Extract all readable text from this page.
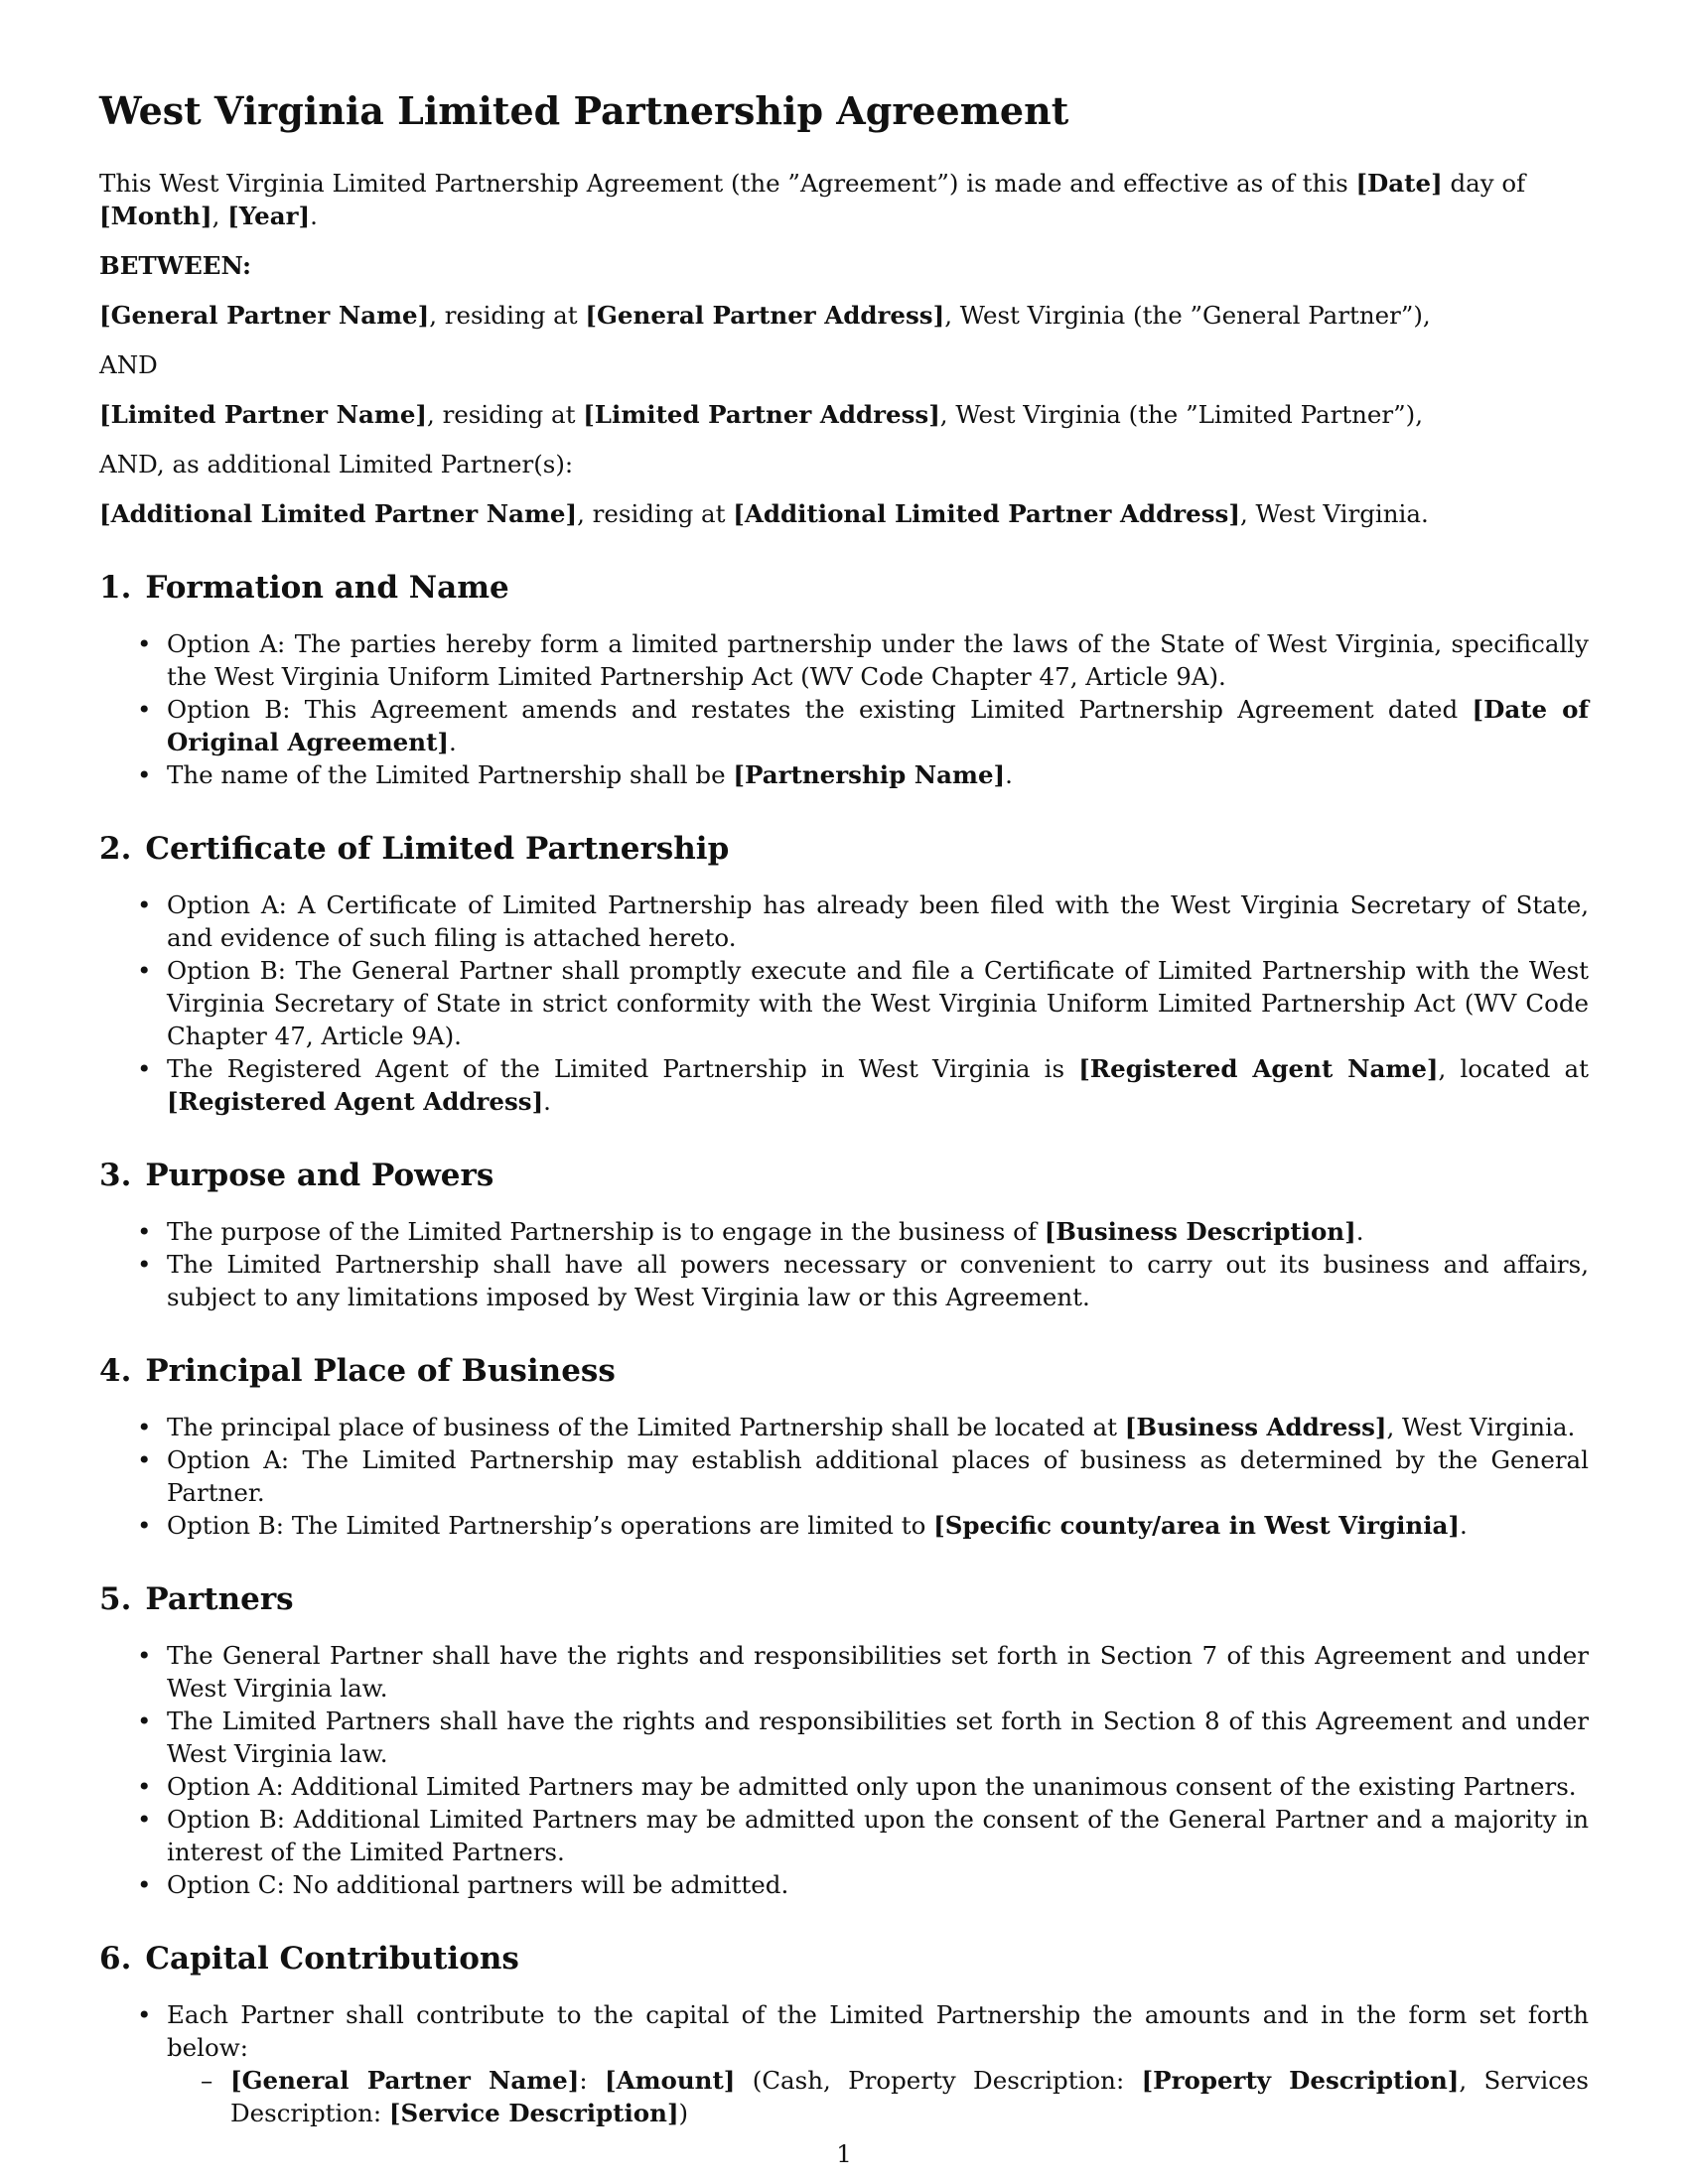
West Virginia Limited Partnership Agreement

This West Virginia Limited Partnership Agreement (the ”Agreement”) is made and effective as of this [Date] day of [Month], [Year].

BETWEEN:

[General Partner Name], residing at [General Partner Address], West Virginia (the ”General Partner”),

AND

[Limited Partner Name], residing at [Limited Partner Address], West Virginia (the ”Limited Partner”),

AND, as additional Limited Partner(s):

[Additional Limited Partner Name], residing at [Additional Limited Partner Address], West Virginia.

1. Formation and Name
• Option A: The parties hereby form a limited partnership under the laws of the State of West Virginia, specifically the West Virginia Uniform Limited Partnership Act (WV Code Chapter 47, Article 9A).
• Option B: This Agreement amends and restates the existing Limited Partnership Agreement dated [Date of Original Agreement].
• The name of the Limited Partnership shall be [Partnership Name].
2. Certificate of Limited Partnership
• Option A: A Certificate of Limited Partnership has already been filed with the West Virginia Secretary of State, and evidence of such filing is attached hereto.
• Option B: The General Partner shall promptly execute and file a Certificate of Limited Partnership with the West Virginia Secretary of State in strict conformity with the West Virginia Uniform Limited Partnership Act (WV Code Chapter 47, Article 9A).
• The Registered Agent of the Limited Partnership in West Virginia is [Registered Agent Name], located at [Registered Agent Address].
3. Purpose and Powers
• The purpose of the Limited Partnership is to engage in the business of [Business Description].
• The Limited Partnership shall have all powers necessary or convenient to carry out its business and affairs, subject to any limitations imposed by West Virginia law or this Agreement.
4. Principal Place of Business
• The principal place of business of the Limited Partnership shall be located at [Business Address], West Virginia.
• Option A: The Limited Partnership may establish additional places of business as determined by the General Partner.
• Option B: The Limited Partnership’s operations are limited to [Specific county/area in West Virginia].
5. Partners
• The General Partner shall have the rights and responsibilities set forth in Section 7 of this Agreement and under West Virginia law.
• The Limited Partners shall have the rights and responsibilities set forth in Section 8 of this Agreement and under West Virginia law.
• Option A: Additional Limited Partners may be admitted only upon the unanimous consent of the existing Partners.
• Option B: Additional Limited Partners may be admitted upon the consent of the General Partner and a majority in interest of the Limited Partners.
• Option C: No additional partners will be admitted.
6. Capital Contributions
• Each Partner shall contribute to the capital of the Limited Partnership the amounts and in the form set forth below:
– [General Partner Name]: [Amount] (Cash, Property Description: [Property Description], Services Description: [Service Description])
1
